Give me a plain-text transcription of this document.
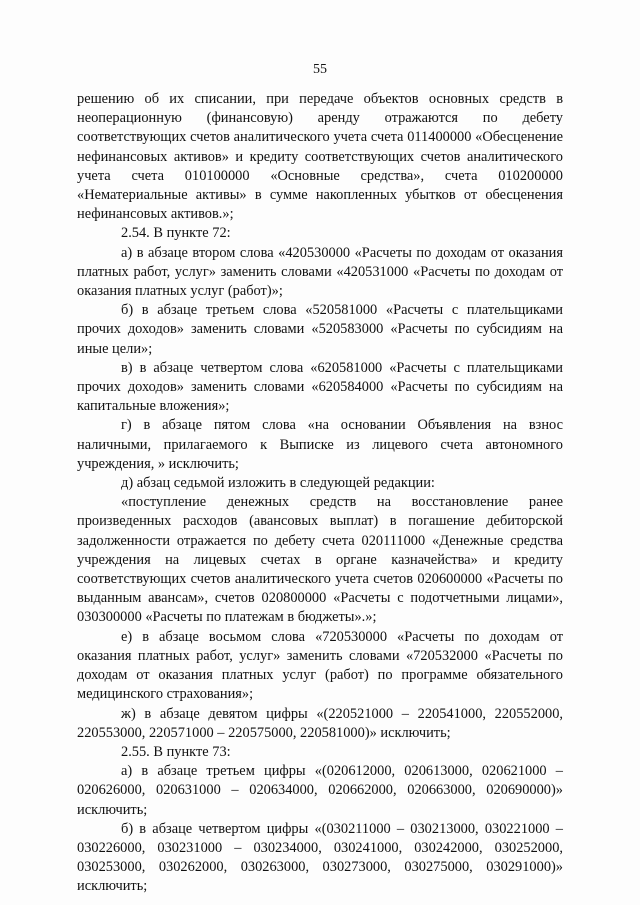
55

решению об их списании, при передаче объектов основных средств в неоперационную (финансовую) аренду отражаются по дебету соответствующих счетов аналитического учета счета 011400000 «Обесценение нефинансовых активов» и кредиту соответствующих счетов аналитического учета счета 010100000 «Основные средства», счета 010200000 «Нематериальные активы» в сумме накопленных убытков от обесценения нефинансовых активов.»;

2.54. В пункте 72:

а) в абзаце втором слова «420530000 «Расчеты по доходам от оказания платных работ, услуг» заменить словами «420531000 «Расчеты по доходам от оказания платных услуг (работ)»;

б) в абзаце третьем слова «520581000 «Расчеты с плательщиками прочих доходов» заменить словами «520583000 «Расчеты по субсидиям на иные цели»;

в) в абзаце четвертом слова «620581000 «Расчеты с плательщиками прочих доходов» заменить словами «620584000 «Расчеты по субсидиям на капитальные вложения»;

г) в абзаце пятом слова «на основании Объявления на взнос наличными, прилагаемого к Выписке из лицевого счета автономного учреждения, » исключить;

д) абзац седьмой изложить в следующей редакции:

«поступление денежных средств на восстановление ранее произведенных расходов (авансовых выплат) в погашение дебиторской задолженности отражается по дебету счета 020111000 «Денежные средства учреждения на лицевых счетах в органе казначейства» и кредиту соответствующих счетов аналитического учета счетов 020600000 «Расчеты по выданным авансам», счетов 020800000 «Расчеты с подотчетными лицами», 030300000 «Расчеты по платежам в бюджеты».»;

е) в абзаце восьмом слова «720530000 «Расчеты по доходам от оказания платных работ, услуг» заменить словами «720532000 «Расчеты по доходам от оказания платных услуг (работ) по программе обязательного медицинского страхования»;

ж) в абзаце девятом цифры «(220521000 – 220541000, 220552000, 220553000, 220571000 – 220575000, 220581000)» исключить;

2.55. В пункте 73:

а) в абзаце третьем цифры «(020612000, 020613000, 020621000 – 020626000, 020631000 – 020634000, 020662000, 020663000, 020690000)» исключить;

б) в абзаце четвертом цифры «(030211000 – 030213000, 030221000 – 030226000, 030231000 – 030234000, 030241000, 030242000, 030252000, 030253000, 030262000, 030263000, 030273000, 030275000, 030291000)» исключить;
